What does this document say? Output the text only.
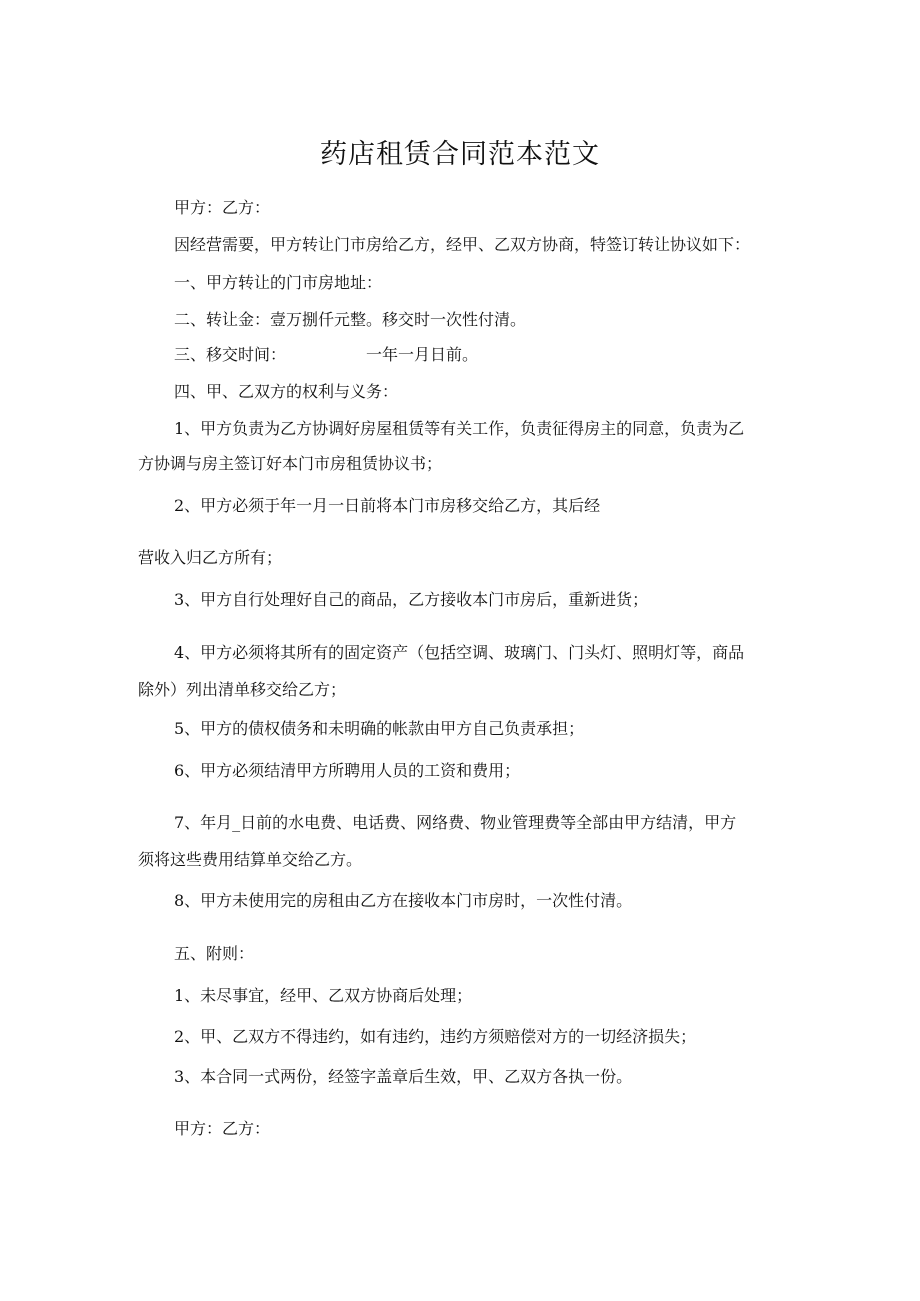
药店租赁合同范本范文
甲方：乙方：
因经营需要，甲方转让门市房给乙方，经甲、乙双方协商，特签订转让协议如下：
一、甲方转让的门市房地址：
二、转让金：壹万捌仟元整。移交时一次性付清。
三、移交时间：	一年一月日前。
四、甲、乙双方的权利与义务：
1、甲方负责为乙方协调好房屋租赁等有关工作，负责征得房主的同意，负责为乙
方协调与房主签订好本门市房租赁协议书；
2、甲方必须于年一月一日前将本门市房移交给乙方，其后经
营收入归乙方所有；
3、甲方自行处理好自己的商品，乙方接收本门市房后，重新进货；
4、甲方必须将其所有的固定资产（包括空调、玻璃门、门头灯、照明灯等，商品
除外）列出清单移交给乙方；
5、甲方的债权债务和未明确的帐款由甲方自己负责承担；
6、甲方必须结清甲方所聘用人员的工资和费用；
7、年月_日前的水电费、电话费、网络费、物业管理费等全部由甲方结清，甲方
须将这些费用结算单交给乙方。
8、甲方未使用完的房租由乙方在接收本门市房时，一次性付清。
五、附则：
1、未尽事宜，经甲、乙双方协商后处理；
2、甲、乙双方不得违约，如有违约，违约方须赔偿对方的一切经济损失；
3、本合同一式两份，经签字盖章后生效，甲、乙双方各执一份。
甲方：乙方：
